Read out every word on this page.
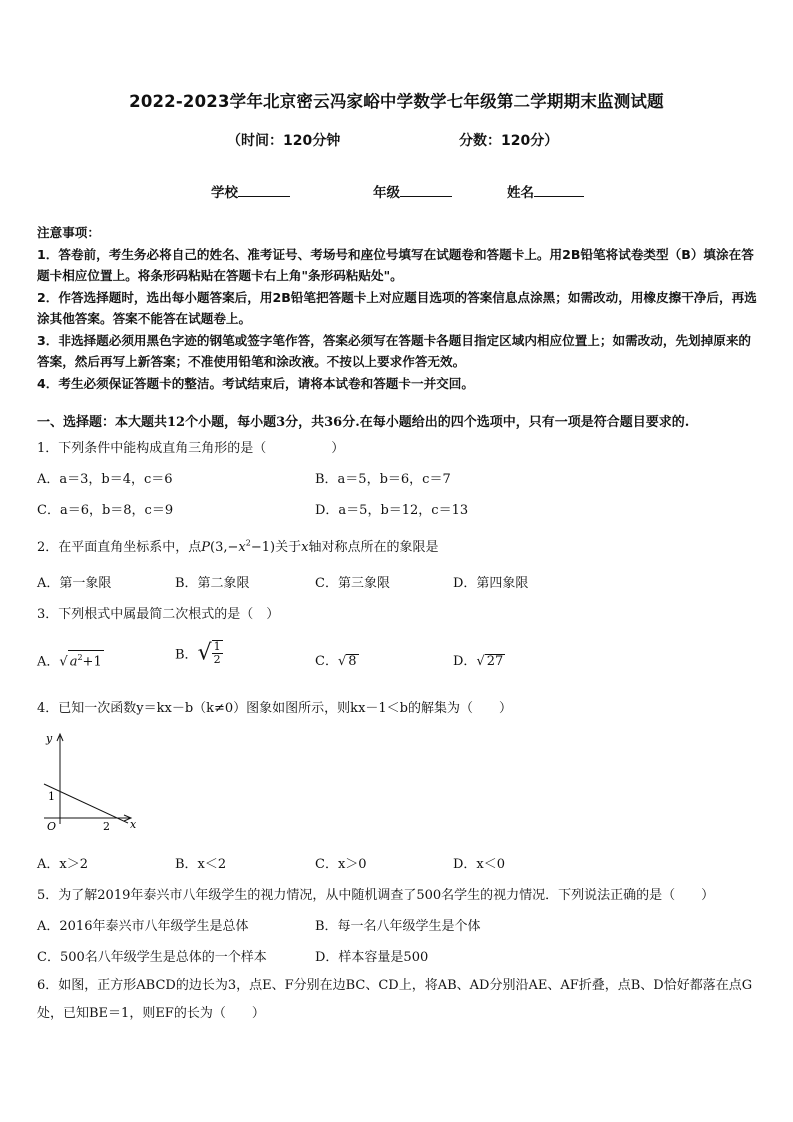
2022-2023学年北京密云冯家峪中学数学七年级第二学期期末监测试题
（时间：120分钟	分数：120分）
学校	年级	姓名
注意事项：
1．答卷前，考生务必将自己的姓名、准考证号、考场号和座位号填写在试题卷和答题卡上。用2B铅笔将试卷类型（B）填涂在答题卡相应位置上。将条形码粘贴在答题卡右上角"条形码粘贴处"。
2．作答选择题时，选出每小题答案后，用2B铅笔把答题卡上对应题目选项的答案信息点涂黑；如需改动，用橡皮擦干净后，再选涂其他答案。答案不能答在试题卷上。
3．非选择题必须用黑色字迹的钢笔或签字笔作答，答案必须写在答题卡各题目指定区域内相应位置上；如需改动，先划掉原来的答案，然后再写上新答案；不准使用铅笔和涂改液。不按以上要求作答无效。
4．考生必须保证答题卡的整洁。考试结束后，请将本试卷和答题卡一并交回。
一、选择题：本大题共12个小题，每小题3分，共36分.在每小题给出的四个选项中，只有一项是符合题目要求的.
1．下列条件中能构成直角三角形的是（　　　　　）
A．a＝3，b＝4，c＝6	B．a＝5，b＝6，c＝7
C．a＝6，b＝8，c＝9	D．a＝5，b＝12，c＝13
2．在平面直角坐标系中，点$P(3,-x^2-1)$关于x轴对称点所在的象限是
A．第一象限	B．第二象限	C．第三象限	D．第四象限
3．下列根式中属最简二次根式的是（　）
A．√ $a^2+1$	B．√ $\frac{1}{2}$	C．√ 8	D．√ 27
4．已知一次函数y＝kx－b（k≠0）图象如图所示，则kx－1＜b的解集为（　　）
y
x
O
1
2
A．x＞2	B．x＜2	C．x＞0	D．x＜0
5．为了解2019年泰兴市八年级学生的视力情况，从中随机调查了500名学生的视力情况．下列说法正确的是（　　）
A．2016年泰兴市八年级学生是总体	B．每一名八年级学生是个体
C．500名八年级学生是总体的一个样本	D．样本容量是500
6．如图，正方形ABCD的边长为3，点E、F分别在边BC、CD上，将AB、AD分别沿AE、AF折叠，点B、D恰好都落在点G处，已知BE＝1，则EF的长为（　　）
